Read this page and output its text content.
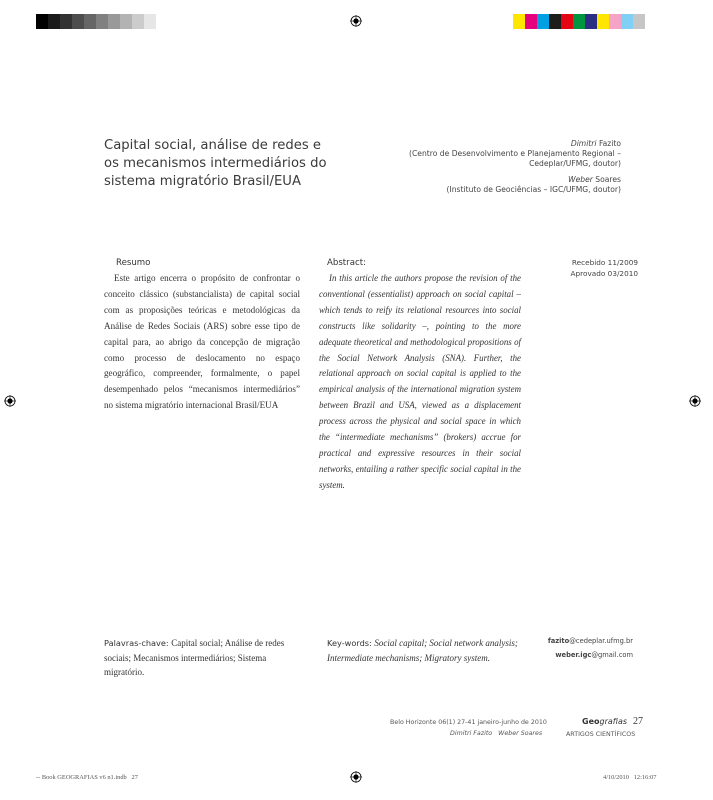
Capital social, análise de redes e os mecanismos intermediários do sistema migratório Brasil/EUA
Dimitri Fazito
(Centro de Desenvolvimento e Planejamento Regional –
Cedeplar/UFMG, doutor)
Weber Soares
(Instituto de Geociências – IGC/UFMG, doutor)
Resumo
Este artigo encerra o propósito de confrontar o conceito clássico (substancialista) de capital social com as proposições teóricas e metodológicas da Análise de Redes Sociais (ARS) sobre esse tipo de capital para, ao abrigo da concepção de migração como processo de deslocamento no espaço geográfico, compreender, formalmente, o papel desempenhado pelos “mecanismos intermediários” no sistema migratório internacional Brasil/EUA
Abstract:
In this article the authors propose the revision of the conventional (essentialist) approach on social capital – which tends to reify its relational resources into social constructs like solidarity –, pointing to the more adequate theoretical and methodological propositions of the Social Network Analysis (SNA). Further, the relational approach on social capital is applied to the empirical analysis of the international migration system between Brazil and USA, viewed as a displacement process across the physical and social space in which the “intermediate mechanisms” (brokers) accrue for practical and expressive resources in their social networks, entailing a rather specific social capital in the system.
Recebido 11/2009
Aprovado 03/2010
Palavras-chave: Capital social; Análise de redes sociais; Mecanismos intermediários; Sistema migratório.
Key-words: Social capital; Social network analysis; Intermediate mechanisms; Migratory system.
fazito@cedeplar.ufmg.br
weber.igc@gmail.com
Belo Horizonte 06(1) 27-41 janeiro-junho de 2010
Dimitri Fazito   Weber Soares
Geografias 27
ARTIGOS CIENTÍFICOS
-- Book GEOGRAFIAS v6 n1.indb   27	4/10/2010   12:16:07
